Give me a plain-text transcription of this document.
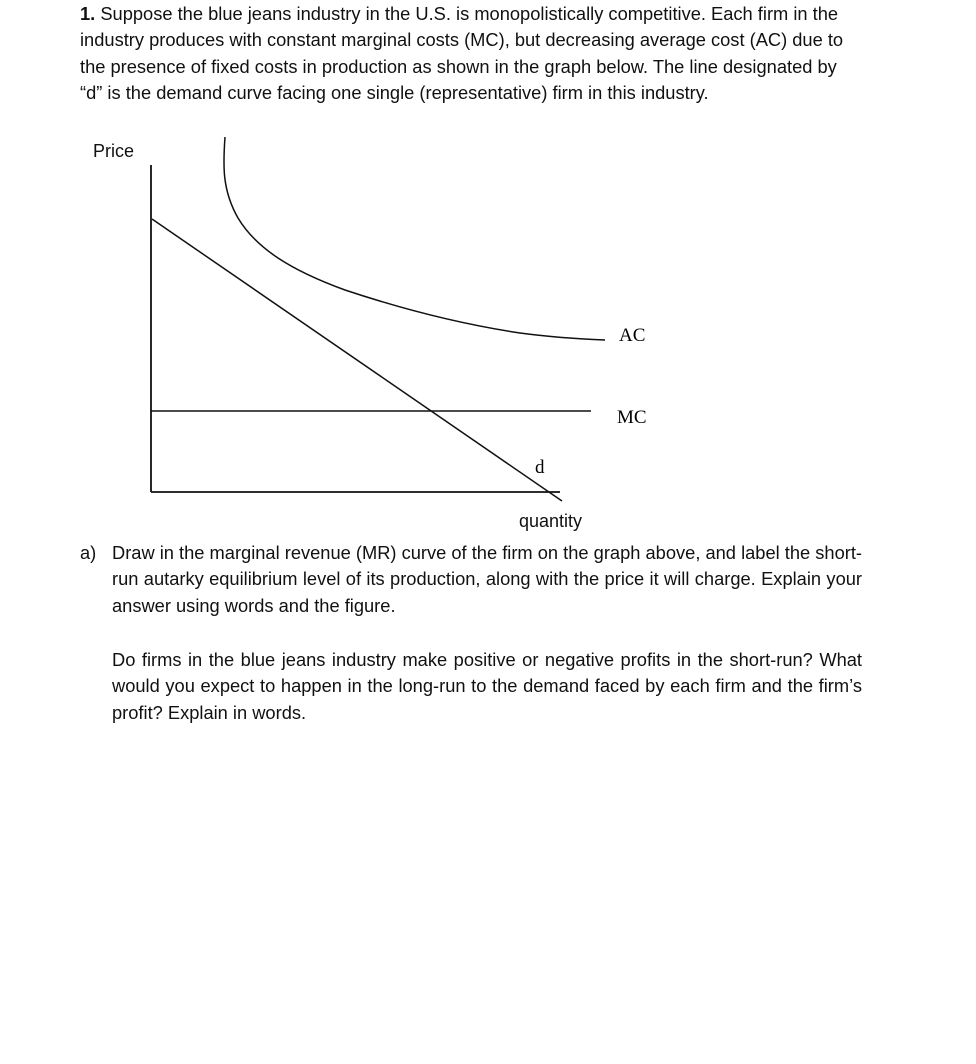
1. Suppose the blue jeans industry in the U.S. is monopolistically competitive. Each firm in the industry produces with constant marginal costs (MC), but decreasing average cost (AC) due to the presence of fixed costs in production as shown in the graph below. The line designated by “d” is the demand curve facing one single (representative) firm in this industry.

Price
AC
MC
d
quantity
a) Draw in the marginal revenue (MR) curve of the firm on the graph above, and label the short-run autarky equilibrium level of its production, along with the price it will charge. Explain your answer using words and the figure.
Do firms in the blue jeans industry make positive or negative profits in the short-run? What would you expect to happen in the long-run to the demand faced by each firm and the firm’s profit? Explain in words.
